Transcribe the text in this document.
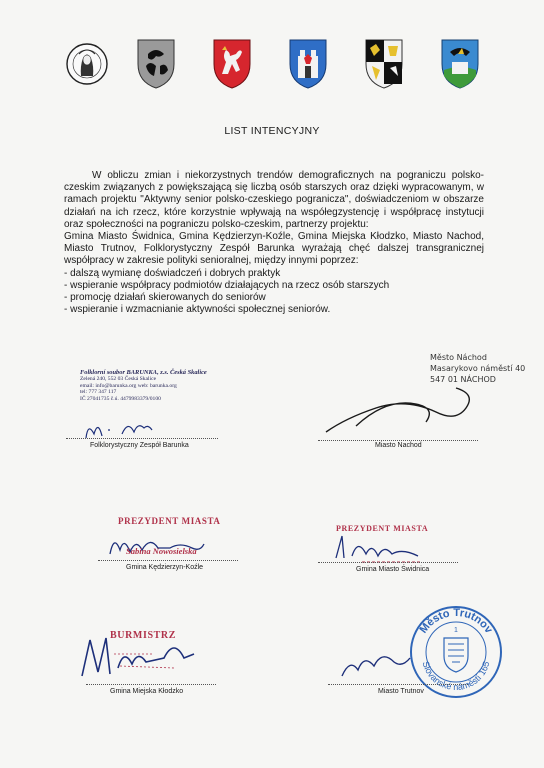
LIST INTENCYJNY

W obliczu zmian i niekorzystnych trendów demograficznych na pograniczu polsko-czeskim związanych z powiększającą się liczbą osób starszych oraz dzięki wypracowanym, w ramach projektu "Aktywny senior polsko-czeskiego pogranicza", doświadczeniom w obszarze działań na ich rzecz, które korzystnie wpływają na współegzystencję i współpracę instytucji oraz społeczności na pograniczu polsko-czeskim, partnerzy projektu:

Gmina Miasto Świdnica, Gmina Kędzierzyn-Koźle, Gmina Miejska Kłodzko, Miasto Nachod, Miasto Trutnov, Folklorystyczny Zespół Barunka wyrażają chęć dalszej transgranicznej współpracy w zakresie polityki senioralnej, między innymi poprzez:

- dalszą wymianę doświadczeń i dobrych praktyk
- wspieranie współpracy podmiotów działających na rzecz osób starszych
- promocję działań skierowanych do seniorów
- wspieranie i wzmacnianie aktywności społecznej seniorów.
Folklorní soubor BARUNKA, z.s. Česká Skalice
Zelená 240, 552 03 Česká Skalice
email: info@barunka.org web: barunka.org
tel: 777 347 117
IČ 27041735 č.ú. 4479983379/0100
Folklorystyczny Zespół Barunka
Město Náchod
Masarykovo náměstí 40
547 01 NÁCHOD
Miasto Nachod
PREZYDENT MIASTA
Sabina Nowosielska
Gmina Kędzierzyn-Koźle
PREZYDENT MIASTA
Gmina Miasto Świdnica
BURMISTRZ
Gmina Miejska Kłodzko
Město Trutnov
Slovanské náměstí 165
1
Miasto Trutnov
